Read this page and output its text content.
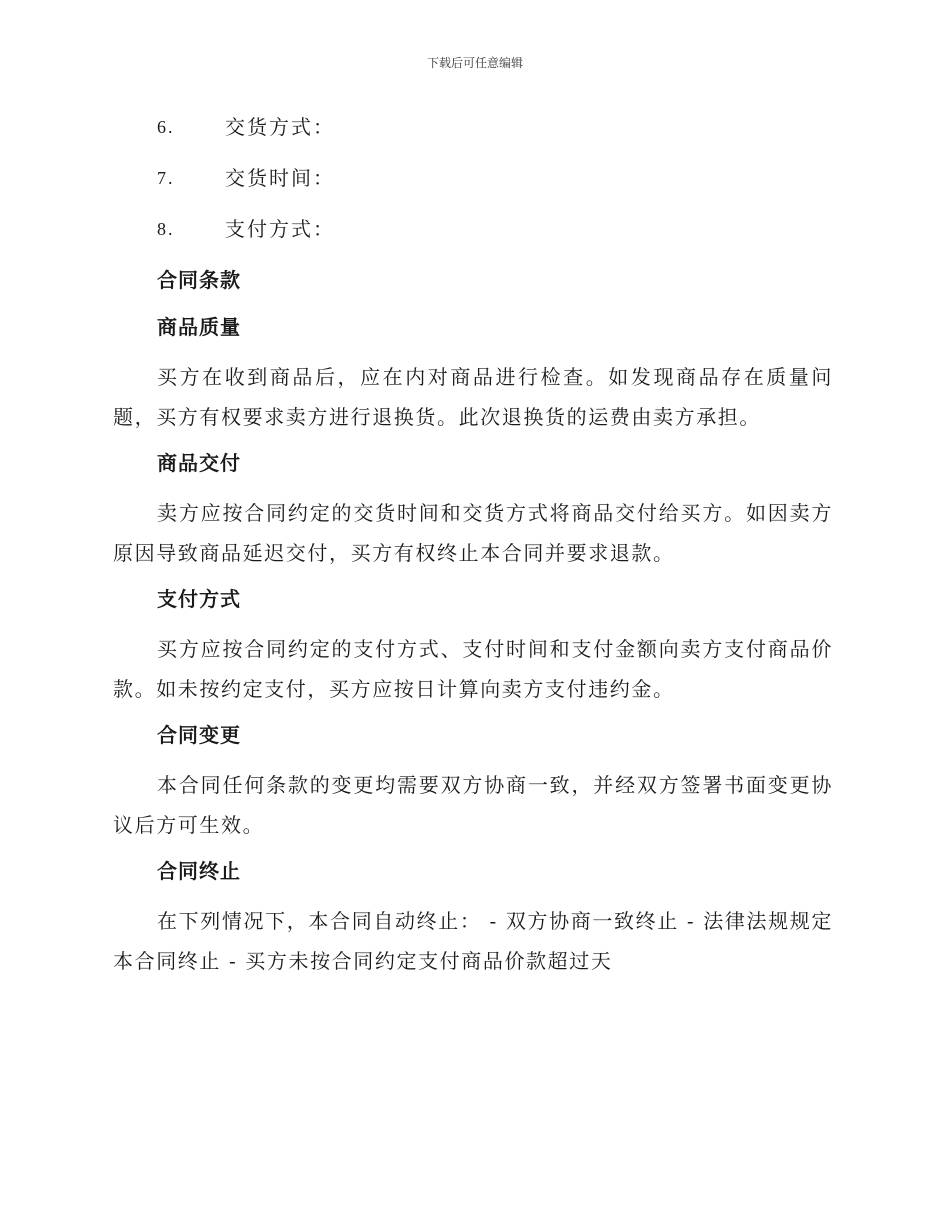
下载后可任意编辑
6.	交货方式：
7.	交货时间：
8.	支付方式：
合同条款
商品质量

买方在收到商品后，应在内对商品进行检查。如发现商品存在质量问题，买方有权要求卖方进行退换货。此次退换货的运费由卖方承担。

商品交付

卖方应按合同约定的交货时间和交货方式将商品交付给买方。如因卖方原因导致商品延迟交付，买方有权终止本合同并要求退款。

支付方式

买方应按合同约定的支付方式、支付时间和支付金额向卖方支付商品价款。如未按约定支付，买方应按日计算向卖方支付违约金。

合同变更

本合同任何条款的变更均需要双方协商一致，并经双方签署书面变更协议后方可生效。

合同终止

在下列情况下，本合同自动终止： - 双方协商一致终止 - 法律法规规定本合同终止 - 买方未按合同约定支付商品价款超过天
